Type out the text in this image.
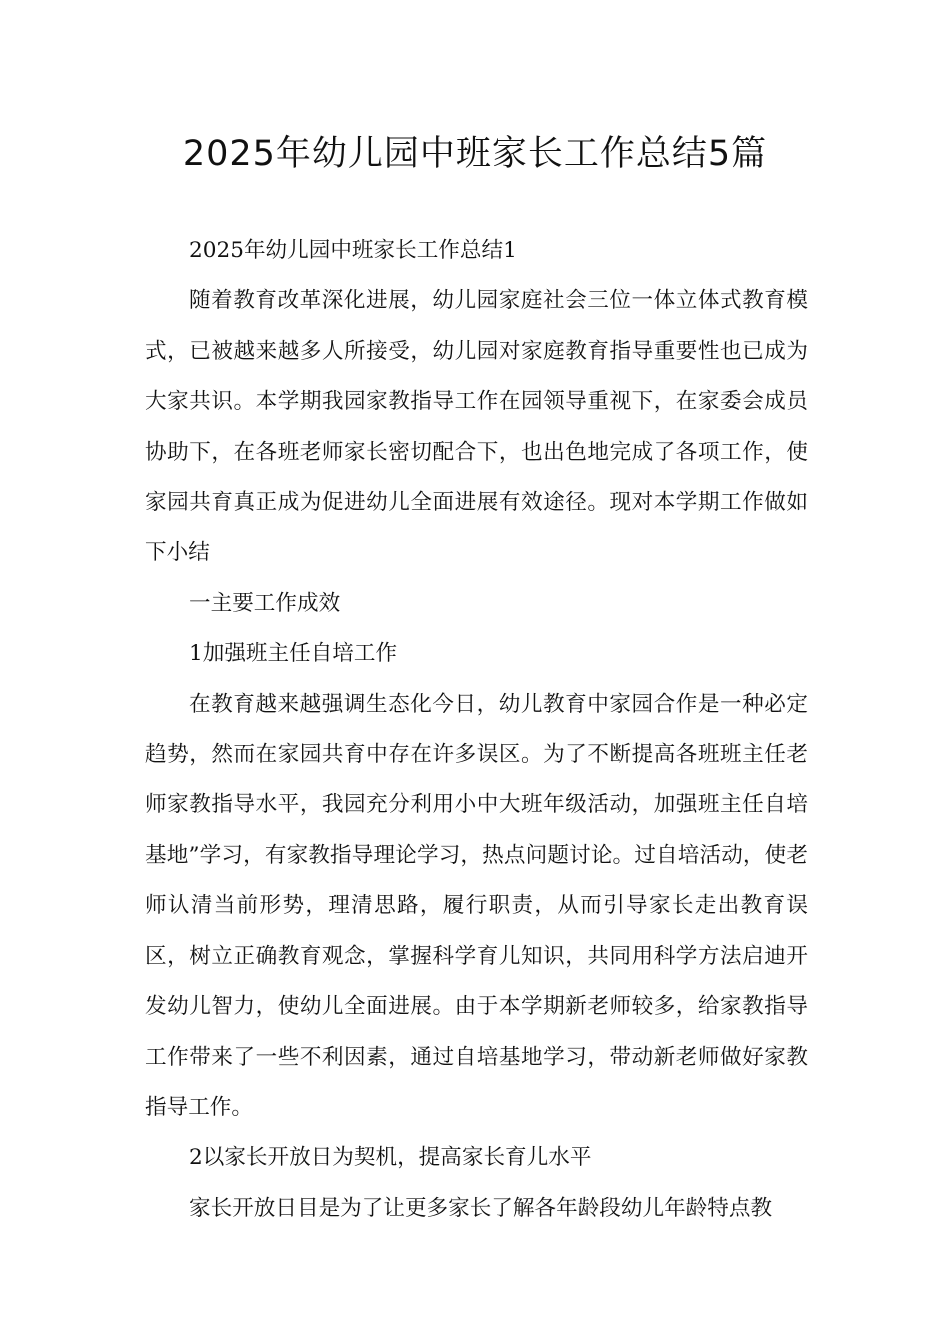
2025年幼儿园中班家长工作总结5篇

2025年幼儿园中班家长工作总结1

随着教育改革深化进展，幼儿园家庭社会三位一体立体式教育模式，已被越来越多人所接受，幼儿园对家庭教育指导重要性也已成为大家共识。本学期我园家教指导工作在园领导重视下，在家委会成员协助下，在各班老师家长密切配合下，也出色地完成了各项工作，使家园共育真正成为促进幼儿全面进展有效途径。现对本学期工作做如下小结

一主要工作成效

1加强班主任自培工作

在教育越来越强调生态化今日，幼儿教育中家园合作是一种必定趋势，然而在家园共育中存在许多误区。为了不断提高各班班主任老师家教指导水平，我园充分利用小中大班年级活动，加强班主任自培基地”学习，有家教指导理论学习，热点问题讨论。过自培活动，使老师认清当前形势，理清思路，履行职责，从而引导家长走出教育误区，树立正确教育观念，掌握科学育儿知识，共同用科学方法启迪开发幼儿智力，使幼儿全面进展。由于本学期新老师较多，给家教指导工作带来了一些不利因素，通过自培基地学习，带动新老师做好家教指导工作。

2以家长开放日为契机，提高家长育儿水平

家长开放日目是为了让更多家长了解各年龄段幼儿年龄特点教
